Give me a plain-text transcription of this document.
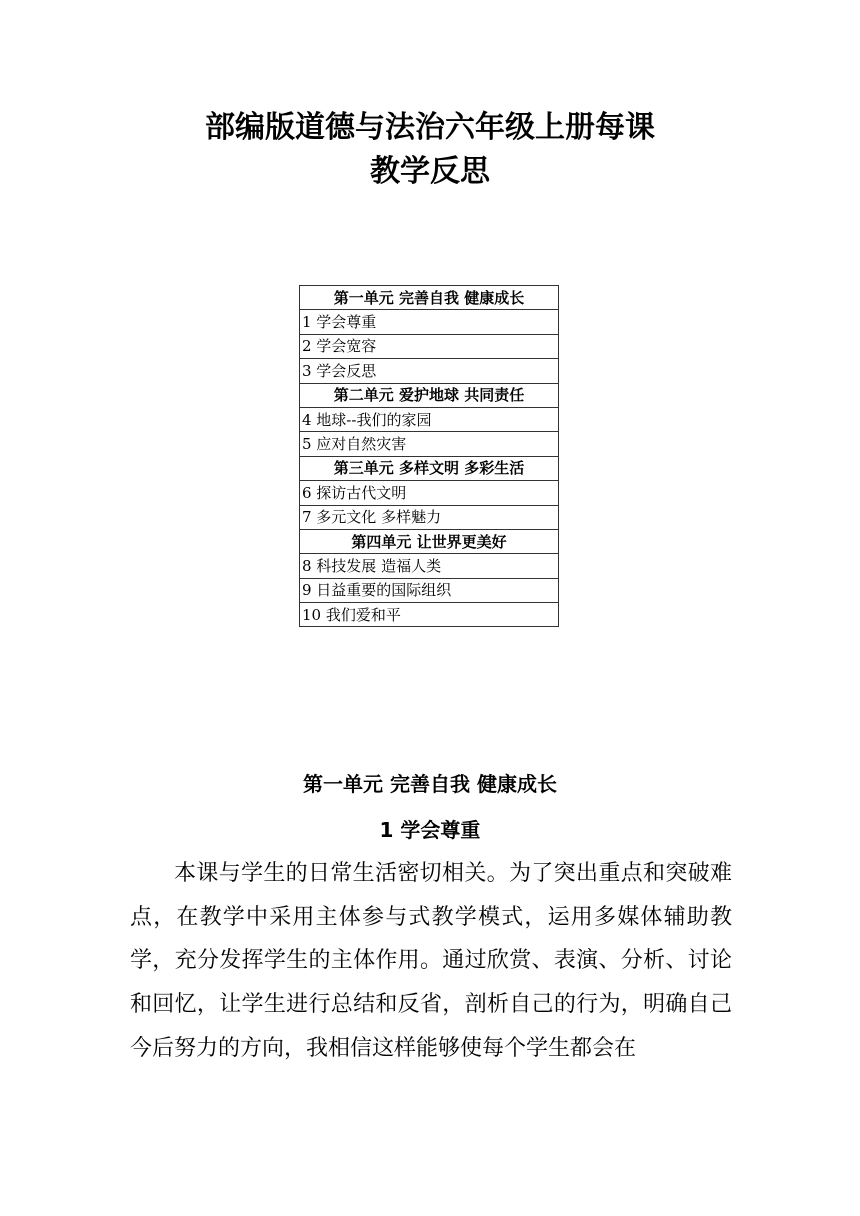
部编版道德与法治六年级上册每课
教学反思
第一单元 完善自我 健康成长
1 学会尊重
2 学会宽容
3 学会反思
第二单元 爱护地球 共同责任
4 地球--我们的家园
5 应对自然灾害
第三单元 多样文明 多彩生活
6 探访古代文明
7 多元文化 多样魅力
第四单元 让世界更美好
8 科技发展 造福人类
9 日益重要的国际组织
10 我们爱和平
第一单元 完善自我 健康成长
1 学会尊重

本课与学生的日常生活密切相关。为了突出重点和突破难点，在教学中采用主体参与式教学模式，运用多媒体辅助教学，充分发挥学生的主体作用。通过欣赏、表演、分析、讨论和回忆，让学生进行总结和反省，剖析自己的行为，明确自己今后努力的方向，我相信这样能够使每个学生都会在
